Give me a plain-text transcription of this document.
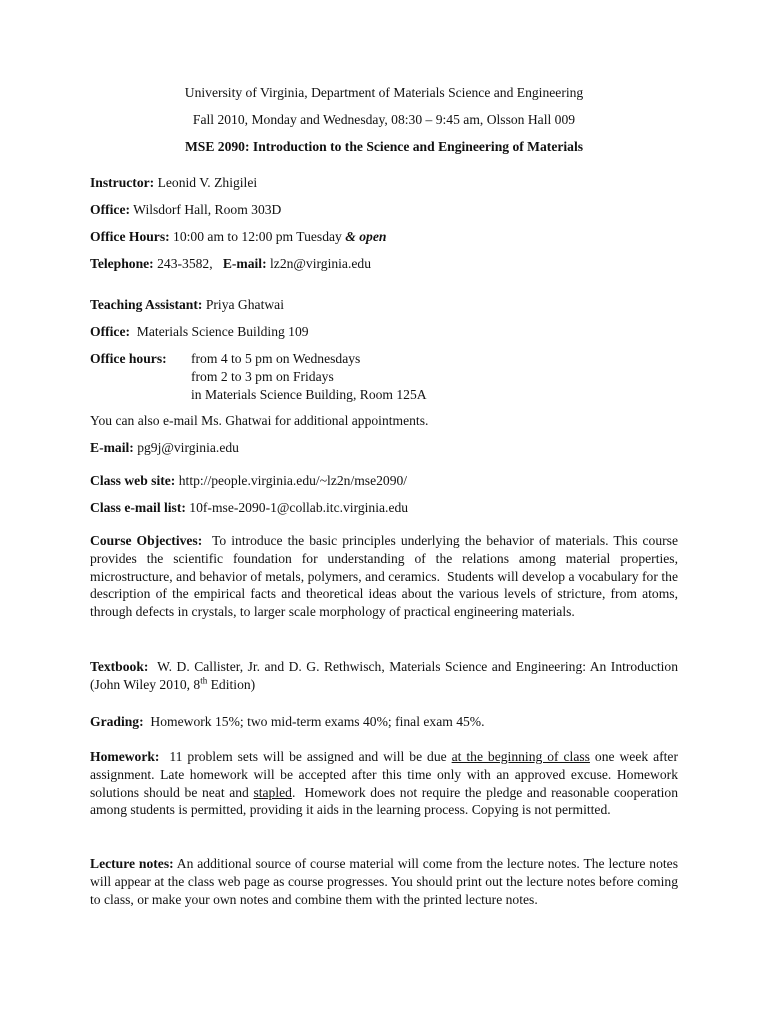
University of Virginia, Department of Materials Science and Engineering
Fall 2010, Monday and Wednesday, 08:30 – 9:45 am, Olsson Hall 009
MSE 2090: Introduction to the Science and Engineering of Materials
Instructor: Leonid V. Zhigilei
Office: Wilsdorf Hall, Room 303D
Office Hours: 10:00 am to 12:00 pm Tuesday & open
Telephone: 243-3582,   E-mail: lz2n@virginia.edu
Teaching Assistant: Priya Ghatwai
Office:  Materials Science Building 109
Office hours: from 4 to 5 pm on Wednesdays
from 2 to 3 pm on Fridays
in Materials Science Building, Room 125A
You can also e-mail Ms. Ghatwai for additional appointments.
E-mail: pg9j@virginia.edu
Class web site: http://people.virginia.edu/~lz2n/mse2090/
Class e-mail list: 10f-mse-2090-1@collab.itc.virginia.edu

Course Objectives:  To introduce the basic principles underlying the behavior of materials. This course provides the scientific foundation for understanding of the relations among material properties, microstructure, and behavior of metals, polymers, and ceramics.  Students will develop a vocabulary for the description of the empirical facts and theoretical ideas about the various levels of stricture, from atoms, through defects in crystals, to larger scale morphology of practical engineering materials.

Textbook:  W. D. Callister, Jr. and D. G. Rethwisch, Materials Science and Engineering: An Introduction (John Wiley 2010, 8th Edition)

Grading:  Homework 15%; two mid-term exams 40%; final exam 45%.

Homework:  11 problem sets will be assigned and will be due at the beginning of class one week after assignment. Late homework will be accepted after this time only with an approved excuse. Homework solutions should be neat and stapled.  Homework does not require the pledge and reasonable cooperation among students is permitted, providing it aids in the learning process. Copying is not permitted.

Lecture notes: An additional source of course material will come from the lecture notes. The lecture notes will appear at the class web page as course progresses. You should print out the lecture notes before coming to class, or make your own notes and combine them with the printed lecture notes.
